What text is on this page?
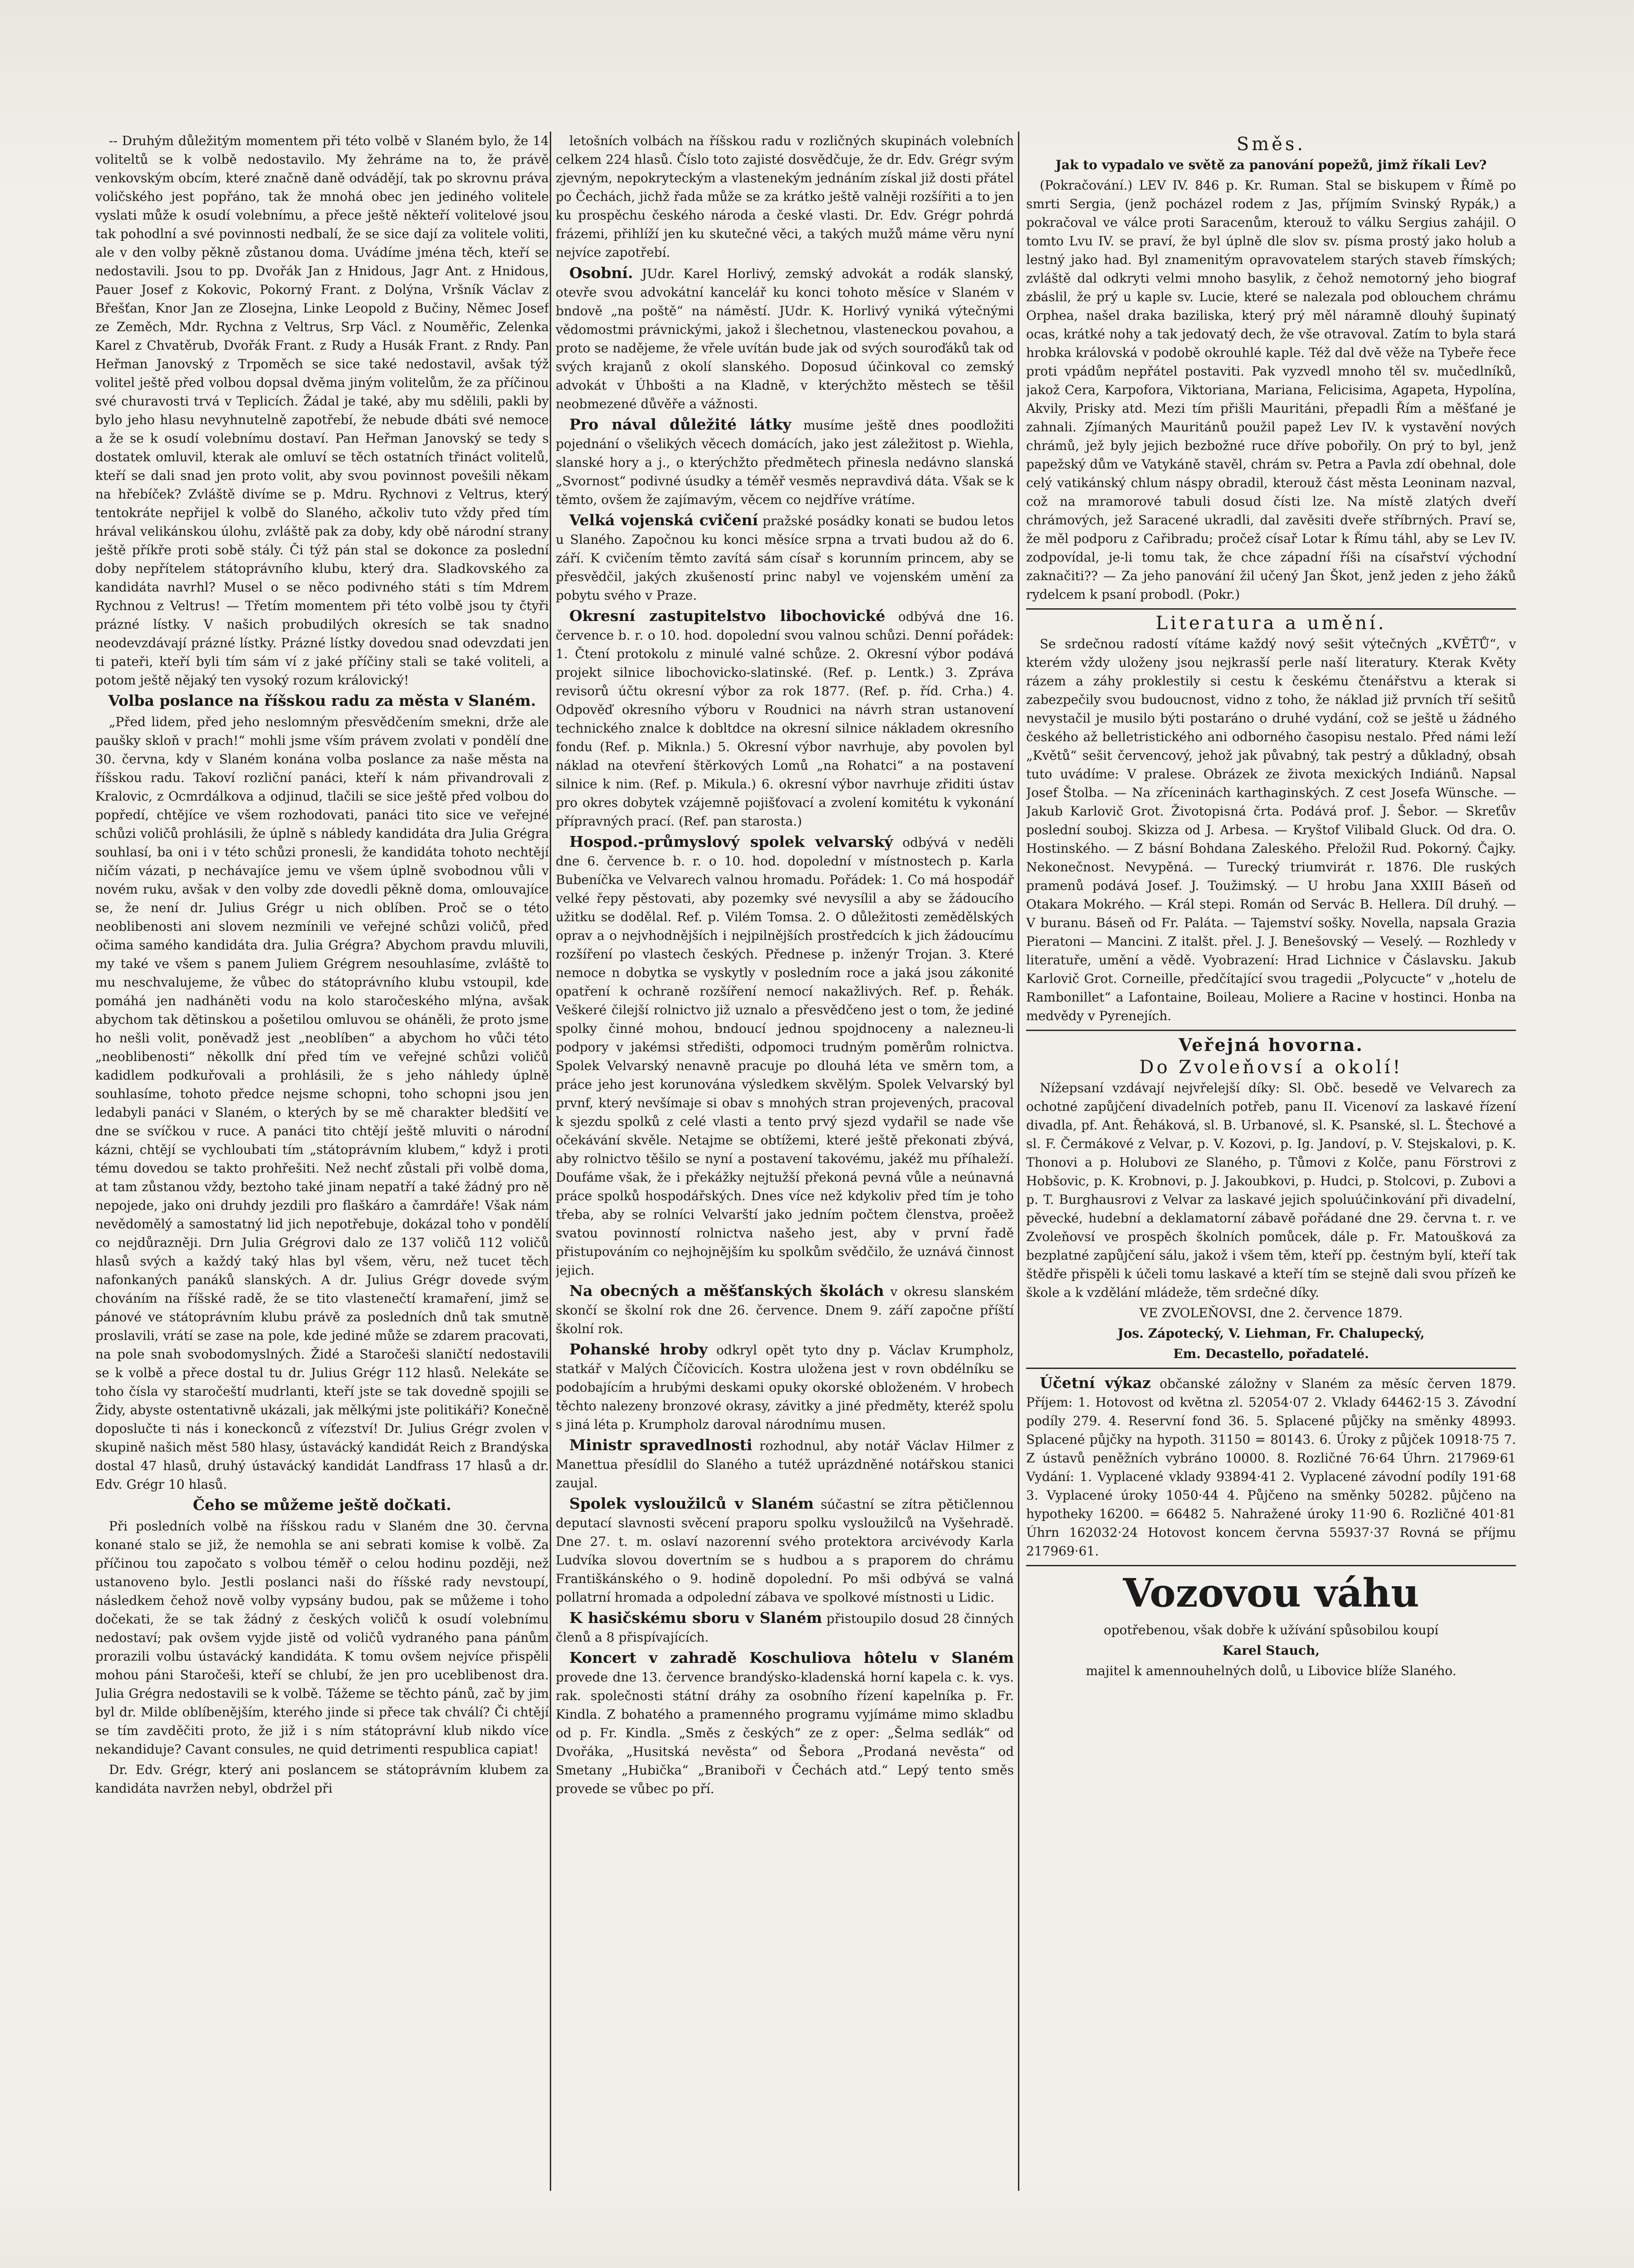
-- Druhým důležitým momentem při této volbě v Slaném bylo, že 14 voliteltů se k volbě nedostavilo. My žehráme na to, že právě venkovským obcím, které značně daně odvádějí, tak po skrovnu práva voličského jest popřáno, tak že mnohá obec jen jediného volitele vyslati může k osudí volebnímu, a přece ještě někteří volitelové jsou tak pohodlní a své povinnosti nedbalí, že se sice dají za volitele voliti, ale v den volby pěkně zůstanou doma. Uvádíme jména těch, kteří se nedostavili. Jsou to pp. Dvořák Jan z Hnidous, Jagr Ant. z Hnidous, Pauer Josef z Kokovic, Pokorný Frant. z Dolýna, Vršník Václav z Břešťan, Knor Jan ze Zlosejna, Linke Leopold z Bučiny, Němec Josef ze Zeměch, Mdr. Rychna z Veltrus, Srp Václ. z Nouměřic, Zelenka Karel z Chvatěrub, Dvořák Frant. z Rudy a Husák Frant. z Rndy. Pan Heřman Janovský z Trpoměch se sice také nedostavil, avšak týž volitel ještě před volbou dopsal dvěma jiným volitelům, že za příčinou své churavosti trvá v Teplicích. Žádal je také, aby mu sdělili, pakli by bylo jeho hlasu nevyhnutelně zapotřebí, že nebude dbáti své nemoce a že se k osudí volebnímu dostaví. Pan Heřman Janovský se tedy s dostatek omluvil, kterak ale omluví se těch ostatních třináct volitelů, kteří se dali snad jen proto volit, aby svou povinnost povešili někam na hřebíček? Zvláště divíme se p. Mdru. Rychnovi z Veltrus, který tentokráte nepřijel k volbě do Slaného, ačkoliv tuto vždy před tím hrával velikánskou úlohu, zvláště pak za doby, kdy obě národní strany ještě příkře proti sobě stály. Či týž pán stal se dokonce za poslední doby nepřítelem státoprávního klubu, který dra. Sladkovského za kandidáta navrhl? Musel o se něco podivného státi s tím Mdrem Rychnou z Veltrus! — Třetím momentem při této volbě jsou ty čtyři prázné lístky. V našich probudilých okresích se tak snadno neodevzdávají prázné lístky. Prázné lístky dovedou snad odevzdati jen ti pateři, kteří byli tím sám ví z jaké příčiny stali se také voliteli, a potom ještě nějaký ten vysoký rozum královický!

Volba poslance na říšskou radu za města v Slaném.

„Před lidem, před jeho neslomným přesvědčením smekni, drže ale paušky skloň v prach!“ mohli jsme vším právem zvolati v pondělí dne 30. června, kdy v Slaném konána volba poslance za naše města na říšskou radu. Takoví rozliční panáci, kteří k nám přivandrovali z Kralovic, z Ocmrdálkova a odjinud, tlačili se sice ještě před volbou do popředí, chtějíce ve všem rozhodovati, panáci tito sice ve veřejné schůzi voličů prohlásili, že úplně s nábledy kandidáta dra Julia Grégra souhlasí, ba oni i v této schůzi pronesli, že kandidáta tohoto nechtějí ničím vázati, p nechávajíce jemu ve všem úplně svobodnou vůli v novém ruku, avšak v den volby zde dovedli pěkně doma, omlouvajíce se, že není dr. Julius Grégr u nich oblíben. Proč se o této neoblibenosti ani slovem nezmínili ve veřejné schůzi voličů, před očima samého kandidáta dra. Julia Grégra? Abychom pravdu mluvili, my také ve všem s panem Juliem Grégrem nesouhlasíme, zvláště to mu neschvalujeme, že vůbec do státoprávního klubu vstoupil, kde pomáhá jen nadháněti vodu na kolo staročeského mlýna, avšak abychom tak dětinskou a pošetilou omluvou se oháněli, že proto jsme ho nešli volit, poněvadž jest „neoblíben“ a abychom ho vůči této „neoblibenosti“ někollk dní před tím ve veřejné schůzi voličů kadidlem podkuřovali a prohlásili, že s jeho náhledy úplně souhlasíme, tohoto předce nejsme schopni, toho schopni jsou jen ledabyli panáci v Slaném, o kterých by se mě charakter bledšití ve dne se svíčkou v ruce. A panáci tito chtějí ještě mluviti o národní kázni, chtějí se vychloubati tím „státoprávním klubem,“ když i proti tému dovedou se takto prohřešiti. Než nechť zůstali při volbě doma, at tam zůstanou vždy, beztoho také jinam nepatří a také žádný pro ně nepojede, jako oni druhdy jezdili pro flaškáro a čamrdáře! Však nám nevědomělý a samostatný lid jich nepotřebuje, dokázal toho v pondělí co nejdůrazněji. Drn Julia Grégrovi dalo ze 137 voličů 112 voličů hlasů svých a každý taký hlas byl všem, věru, než tucet těch nafonkaných panáků slanských. A dr. Julius Grégr dovede svým chováním na říšské radě, že se tito vlastenečtí kramaření, jimž se pánové ve státoprávním klubu právě za posledních dnů tak smutně proslavili, vrátí se zase na pole, kde jediné může se zdarem pracovati, na pole snah svobodomyslných. Židé a Staročeši slaničtí nedostavili se k volbě a přece dostal tu dr. Julius Grégr 112 hlasů. Nelekáte se toho čísla vy staročeští mudrlanti, kteří jste se tak dovedně spojili se Židy, abyste ostentativně ukázali, jak mělkými jste politikáři? Konečně doposlučte ti nás i koneckonců z víťezství! Dr. Julius Grégr zvolen v skupině našich měst 580 hlasy, ústavácký kandidát Reich z Brandýska dostal 47 hlasů, druhý ústavácký kandidát Landfrass 17 hlasů a dr. Edv. Grégr 10 hlasů.

Čeho se můžeme ještě dočkati.

Při posledních volbě na říšskou radu v Slaném dne 30. června konané stalo se již, že nemohla se ani sebrati komise k volbě. Za příčinou tou započato s volbou téměř o celou hodinu později, než ustanoveno bylo. Jestli poslanci naši do říšské rady nevstoupí, následkem čehož nově volby vypsány budou, pak se můžeme i toho dočekati, že se tak žádný z českých voličů k osudí volebnímu nedostaví; pak ovšem vyjde jistě od voličů vydraného pana pánům prorazili volbu ústavácký kandidáta. K tomu ovšem nejvíce přispěli mohou páni Staročeši, kteří se chlubí, že jen pro uceblibenost dra. Julia Grégra nedostavili se k volbě. Tážeme se těchto pánů, zač by jim byl dr. Milde oblíbenějším, kterého jinde si přece tak chválí? Či chtějí se tím zavděčiti proto, že již i s ním státoprávní klub nikdo více nekandiduje? Cavant consules, ne quid detrimenti respublica capiat!

Dr. Edv. Grégr, který ani poslancem se státoprávním klubem za kandidáta navržen nebyl, obdržel při

letošních volbách na říšskou radu v rozličných skupinách volebních celkem 224 hlasů. Číslo toto zajisté dosvědčuje, že dr. Edv. Grégr svým zjevným, nepokryteckým a vlastenekým jednáním získal již dosti přátel po Čechách, jichž řada může se za krátko ještě valněji rozšířiti a to jen ku prospěchu českého národa a české vlasti. Dr. Edv. Grégr pohrdá frázemi, přihlíží jen ku skutečné věci, a takých mužů máme věru nyní nejvíce zapotřebí.

Osobní. JUdr. Karel Horlivý, zemský advokát a rodák slanský, otevře svou advokátní kancelář ku konci tohoto měsíce v Slaném v bndově „na poště“ na náměstí. JUdr. K. Horlivý vyniká výtečnými vědomostmi právnickými, jakož i šlechetnou, vlasteneckou povahou, a proto se nadějeme, že vřele uvítán bude jak od svých souroďáků tak od svých krajanů z okolí slanského. Doposud účinkoval co zemský advokát v Úhbošti a na Kladně, v kterýchžto městech se těšil neobmezené důvěře a vážnosti.

Pro nával důležité látky musíme ještě dnes poodložiti pojednání o všelikých věcech domácích, jako jest záležitost p. Wiehla, slanské hory a j., o kterýchžto předmětech přinesla nedávno slanská „Svornost“ podivné úsudky a téměř vesměs nepravdivá dáta. Však se k těmto, ovšem že zajímavým, věcem co nejdříve vrátíme.

Velká vojenská cvičení pražské posádky konati se budou letos u Slaného. Započnou ku konci měsíce srpna a trvati budou až do 6. září. K cvičením těmto zavítá sám císař s korunním princem, aby se přesvědčil, jakých zkušeností princ nabyl ve vojenském umění za pobytu svého v Praze.

Okresní zastupitelstvo libochovické odbývá dne 16. července b. r. o 10. hod. dopolední svou valnou schůzi. Denní pořádek: 1. Čtení protokolu z minulé valné schůze. 2. Okresní výbor podává projekt silnice libochovicko-slatinské. (Ref. p. Lentk.) 3. Zpráva revisorů účtu okresní výbor za rok 1877. (Ref. p. říd. Crha.) 4. Odpověď okresního výboru v Roudnici na návrh stran ustanovení technického znalce k dobltdce na okresní silnice nákladem okresního fondu (Ref. p. Miknla.) 5. Okresní výbor navrhuje, aby povolen byl náklad na otevření štěrkových Lomů „na Rohatci“ a na postavení silnice k nim. (Ref. p. Mikula.) 6. okresní výbor navrhuje zřiditi ústav pro okres dobytek vzájemně pojišťovací a zvolení komitétu k vykonání přípravných prací. (Ref. pan starosta.)

Hospod.-průmyslový spolek velvarský odbývá v neděli dne 6. července b. r. o 10. hod. dopolední v místnostech p. Karla Bubeníčka ve Velvarech valnou hromadu. Pořádek: 1. Co má hospodář velké řepy pěstovati, aby pozemky své nevysílil a aby se žádoucího užitku se dodělal. Ref. p. Vilém Tomsa. 2. O důležitosti zemědělských oprav a o nejvhodnějších i nejpilnějších prostředcích k jich žádoucímu rozšíření po vlastech českých. Přednese p. inženýr Trojan. 3. Které nemoce n dobytka se vyskytly v posledním roce a jaká jsou zákonité opatření k ochraně rozšíření nemocí nakažlivých. Ref. p. Řehák. Veškeré čilejší rolnictvo již uznalo a přesvědčeno jest o tom, že jediné spolky činné mohou, bndoucí jednou spojdnoceny a nalezneu-li podpory v jakémsi středišti, odpomoci trudným poměrům rolnictva. Spolek Velvarský nenavně pracuje po dlouhá léta ve směrn tom, a práce jeho jest korunována výsledkem skvělým. Spolek Velvarský byl prvnf, který nevšímaje si obav s mnohých stran projevených, pracoval k sjezdu spolků z celé vlasti a tento prvý sjezd vydařil se nade vše očekávání skvěle. Netajme se obtížemi, které ještě překonati zbývá, aby rolnictvo těšilo se nyní a postavení takovému, jakéž mu příhaleží. Doufáme však, že i překážky nejtužší překoná pevná vůle a neúnavná práce spolků hospodářských. Dnes více než kdykoliv před tím je toho třeba, aby se rolníci Velvarští jako jedním počtem členstva, proěež svatou povinností rolnictva našeho jest, aby v první řadě přistupováním co nejhojnějším ku spolkům svědčilo, že uznává činnost jejich.

Na obecných a měšťanských školách v okresu slanském skončí se školní rok dne 26. července. Dnem 9. září započne příští školní rok.

Pohanské hroby odkryl opět tyto dny p. Václav Krumpholz, statkář v Malých Číčovicích. Kostra uložena jest v rovn obdélníku se podobajícím a hrubými deskami opuky okorské obloženém. V hrobech těchto nalezeny bronzové okrasy, závitky a jiné předměty, kteréž spolu s jiná léta p. Krumpholz daroval národnímu musen.

Ministr spravedlnosti rozhodnul, aby notář Václav Hilmer z Manettua přesídlil do Slaného a tutéž uprázdněné notářskou stanici zaujal.

Spolek vysloužilců v Slaném súčastní se zítra pětičlennou deputací slavnosti svěcení praporu spolku vysloužilců na Vyšehradě. Dne 27. t. m. oslaví nazorenní svého protektora arcivévody Karla Ludvíka slovou dovertním se s hudbou a s praporem do chrámu Františkánského o 9. hodině dopolední. Po mši odbývá se valná pollatrní hromada a odpolední zábava ve spolkové místnosti u Lidic.

K hasičskému sboru v Slaném přistoupilo dosud 28 činných členů a 8 přispívajících.

Koncert v zahradě Koschuliova hôtelu v Slaném provede dne 13. července brandýsko-kladenská horní kapela c. k. vys. rak. společnosti státní dráhy za osobního řízení kapelníka p. Fr. Kindla. Z bohatého a pramenného programu vyjímáme mimo skladbu od p. Fr. Kindla. „Směs z českých“ ze z oper: „Šelma sedlák“ od Dvořáka, „Husitská nevěsta“ od Šebora „Prodaná nevěsta“ od Smetany „Hubička“ „Braniboři v Čechách atd.“ Lepý tento směs provede se vůbec po pří.

Směs.

Jak to vypadalo ve světě za panování popežů, jimž říkali Lev?

(Pokračování.) LEV IV. 846 p. Kr. Ruman. Stal se biskupem v Římě po smrti Sergia, (jenž pocházel rodem z Jas, příjmím Svinský Rypák,) a pokračoval ve válce proti Saracenům, kterouž to válku Sergius zahájil. O tomto Lvu IV. se praví, že byl úplně dle slov sv. písma prostý jako holub a lestný jako had. Byl znamenitým opravovatelem starých staveb římských; zvláště dal odkryti velmi mnoho basylik, z čehož nemotorný jeho biograf zbáslil, že prý u kaple sv. Lucie, které se nalezala pod oblouchem chrámu Orphea, našel draka baziliska, který prý měl náramně dlouhý šupinatý ocas, krátké nohy a tak jedovatý dech, že vše otravoval. Zatím to byla stará hrobka královská v podobě okrouhlé kaple. Též dal dvě věže na Tybeře řece proti vpádům nepřátel postaviti. Pak vyzvedl mnoho těl sv. mučedlníků, jakož Cera, Karpofora, Viktoriana, Mariana, Felicisima, Agapeta, Hypolína, Akvily, Prisky atd. Mezi tím přišli Mauritáni, přepadli Řím a měšťané je zahnali. Zjímaných Mauritánů použil papež Lev IV. k vystavění nových chrámů, jež byly jejich bezbožné ruce dříve pobořily. On prý to byl, jenž papežský dům ve Vatykáně stavěl, chrám sv. Petra a Pavla zdí obehnal, dole celý vatikánský chlum náspy obradil, kterouž část města Leoninam nazval, což na mramorové tabuli dosud čísti lze. Na místě zlatých dveří chrámových, jež Saracené ukradli, dal zavěsiti dveře stříbrných. Praví se, že měl podporu z Cařibradu; pročež císař Lotar k Římu táhl, aby se Lev IV. zodpovídal, je-li tomu tak, že chce západní říši na císařství východní zaknačiti?? — Za jeho panování žil učený Jan Škot, jenž jeden z jeho žáků rydelcem k psaní probodl. (Pokr.)

Literatura a umění.

Se srdečnou radostí vítáme každý nový sešit výtečných „KVĚTŮ“, v kterém vždy uloženy jsou nejkrasší perle naší literatury. Kterak Květy rázem a záhy proklestily si cestu k českému čtenářstvu a kterak si zabezpečily svou budoucnost, vidno z toho, že náklad již prvních tří sešitů nevystačil je musilo býti postaráno o druhé vydání, což se ještě u žádného českého až belletristického ani odborného časopisu nestalo. Před námi leží „Květů“ sešit červencový, jehož jak půvabný, tak pestrý a důkladný, obsah tuto uvádíme: V pralese. Obrázek ze života mexických Indiánů. Napsal Josef Štolba. — Na zříceninách karthaginských. Z cest Josefa Wünsche. — Jakub Karlovič Grot. Životopisná črta. Podává prof. J. Šebor. — Skreťův poslední souboj. Skizza od J. Arbesa. — Kryštof Vilibald Gluck. Od dra. O. Hostinského. — Z básní Bohdana Zaleského. Přeložil Rud. Pokorný. Čajky. Nekonečnost. Nevypěná. — Turecký triumvirát r. 1876. Dle ruských pramenů podává Josef. J. Toužimský. — U hrobu Jana XXIII Báseň od Otakara Mokrého. — Král stepi. Román od Servác B. Hellera. Díl druhý. — V buranu. Báseň od Fr. Paláta. — Tajemství sošky. Novella, napsala Grazia Pieratoni — Mancini. Z italšt. přel. J. J. Benešovský — Veselý. — Rozhledy v literatuře, umění a vědě. Vyobrazení: Hrad Lichnice v Čáslavsku. Jakub Karlovič Grot. Corneille, předčítající svou tragedii „Polycucte“ v „hotelu de Rambonillet“ a Lafontaine, Boileau, Moliere a Racine v hostinci. Honba na medvědy v Pyrenejích.

Veřejná hovorna.
Do Zvoleňovsí a okolí!

Nížepsaní vzdávají nejvřelejší díky: Sl. Obč. besedě ve Velvarech za ochotné zapůjčení divadelních potřeb, panu II. Vicenoví za laskavé řízení divadla, pf. Ant. Řeháková, sl. B. Urbanové, sl. K. Psanské, sl. L. Štechové a sl. F. Čermákové z Velvar, p. V. Kozovi, p. Ig. Jandoví, p. V. Stejskalovi, p. K. Thonovi a p. Holubovi ze Slaného, p. Tůmovi z Kolče, panu Förstrovi z Hobšovic, p. K. Krobnovi, p. J. Jakoubkovi, p. Hudci, p. Stolcovi, p. Zubovi a p. T. Burghausrovi z Velvar za laskavé jejich spoluúčinkování při divadelní, pěvecké, hudební a deklamatorní zábavě pořádané dne 29. června t. r. ve Zvoleňovsí ve prospěch školních pomůcek, dále p. Fr. Matoušková za bezplatné zapůjčení sálu, jakož i všem těm, kteří pp. čestným bylí, kteří tak štědře přispěli k účeli tomu laskavé a kteří tím se stejně dali svou přízeň ke škole a k vzdělání mládeže, těm srdečné díky.

VE ZVOLEŇOVSI, dne 2. července 1879.

Jos. Zápotecký, V. Liehman, Fr. Chalupecký,

Em. Decastello, pořadatelé.

Účetní výkaz občanské záložny v Slaném za měsíc červen 1879. Příjem: 1. Hotovost od května zl. 52054·07 2. Vklady 64462·15 3. Závodní podíly 279. 4. Reservní fond 36. 5. Splacené půjčky na směnky 48993. Splacené půjčky na hypoth. 31150 = 80143. 6. Úroky z půjček 10918·75 7. Z ústavů peněžních vybráno 10000. 8. Rozličné 76·64 Úhrn. 217969·61 Vydání: 1. Vyplacené vklady 93894·41 2. Vyplacené závodní podíly 191·68 3. Vyplacené úroky 1050·44 4. Půjčeno na směnky 50282. půjčeno na hypotheky 16200. = 66482 5. Nahražené úroky 11·90 6. Rozličné 401·81 Úhrn 162032·24 Hotovost koncem června 55937·37 Rovná se příjmu 217969·61.

Vozovou váhu

opotřebenou, však dobře k užívání spůsobilou koupí

Karel Stauch,

majitel k amennouhelných dolů, u Libovice blíže Slaného.
